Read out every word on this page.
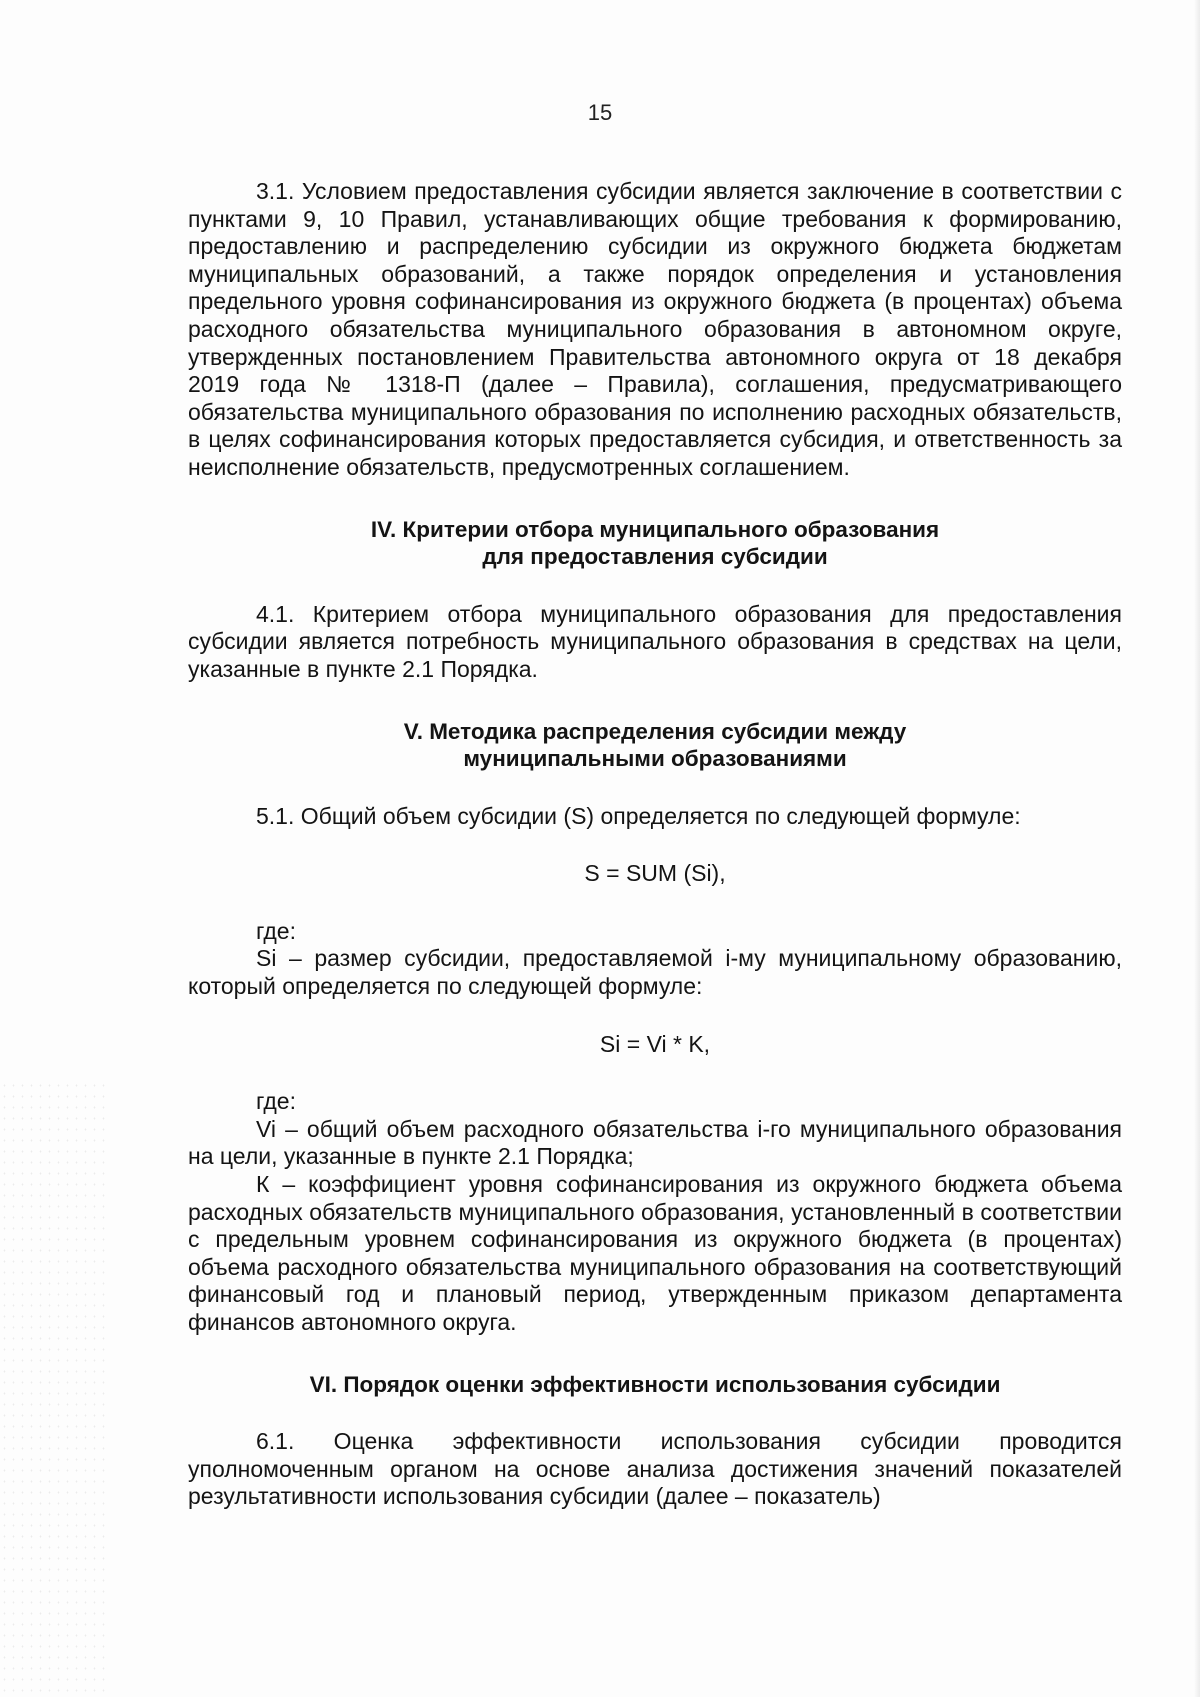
15

3.1. Условием предоставления субсидии является заключение в соответствии с пунктами 9, 10 Правил, устанавливающих общие требования к формированию, предоставлению и распределению субсидии из окружного бюджета бюджетам муниципальных образований, а также порядок определения и установления предельного уровня софинансирования из окружного бюджета (в процентах) объема расходного обязательства муниципального образования в автономном округе, утвержденных постановлением Правительства автономного округа от 18 декабря 2019 года № 1318-П (далее – Правила), соглашения, предусматривающего обязательства муниципального образования по исполнению расходных обязательств, в целях софинансирования которых предоставляется субсидия, и ответственность за неисполнение обязательств, предусмотренных соглашением.

IV. Критерии отбора муниципального образования

для предоставления субсидии

4.1. Критерием отбора муниципального образования для предоставления субсидии является потребность муниципального образования в средствах на цели, указанные в пункте 2.1 Порядка.

V. Методика распределения субсидии между

муниципальными образованиями

5.1. Общий объем субсидии (S) определяется по следующей формуле:

S = SUM (Si),

где:

Si – размер субсидии, предоставляемой i-му муниципальному образованию, который определяется по следующей формуле:

Si = Vi * K,

где:

Vi – общий объем расходного обязательства i-го муниципального образования на цели, указанные в пункте 2.1 Порядка;

К – коэффициент уровня софинансирования из окружного бюджета объема расходных обязательств муниципального образования, установленный в соответствии с предельным уровнем софинансирования из окружного бюджета (в процентах) объема расходного обязательства муниципального образования на соответствующий финансовый год и плановый период, утвержденным приказом департамента финансов автономного округа.

VI. Порядок оценки эффективности использования субсидии

6.1. Оценка эффективности использования субсидии проводится уполномоченным органом на основе анализа достижения значений показателей результативности использования субсидии (далее – показатель)
